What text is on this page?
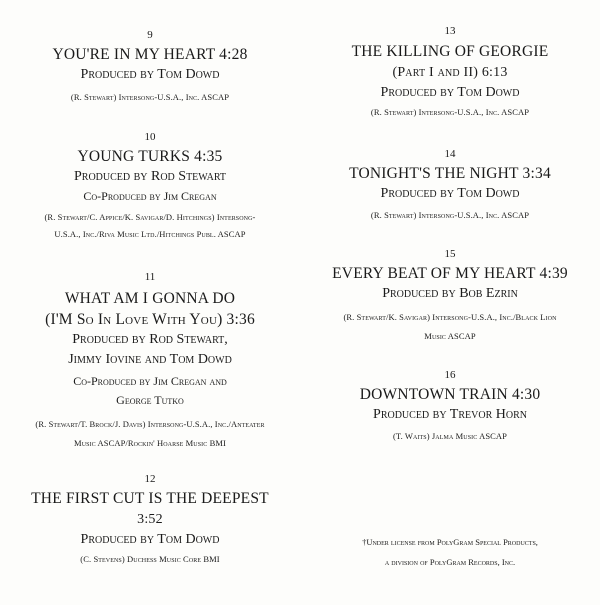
9
YOU'RE IN MY HEART 4:28
Produced by Tom Dowd
(R. Stewart) Intersong-U.S.A., Inc. ASCAP
10
YOUNG TURKS 4:35
Produced by Rod Stewart
Co-Produced by Jim Cregan
(R. Stewart/C. Appice/K. Savigar/D. Hitchings) Intersong-
U.S.A., Inc./Riva Music Ltd./Hitchings Publ. ASCAP
11
WHAT AM I GONNA DO
(I'M So In Love With You) 3:36
Produced by Rod Stewart,
Jimmy Iovine and Tom Dowd
Co-Produced by Jim Cregan and
George Tutko
(R. Stewart/T. Brock/J. Davis) Intersong-U.S.A., Inc./Anteater
Music ASCAP/Rockin' Hoarse Music BMI
12
THE FIRST CUT IS THE DEEPEST
3:52
Produced by Tom Dowd
(C. Stevens) Duchess Music Core BMI
13
THE KILLING OF GEORGIE
(Part I and II) 6:13
Produced by Tom Dowd
(R. Stewart) Intersong-U.S.A., Inc. ASCAP
14
TONIGHT'S THE NIGHT 3:34
Produced by Tom Dowd
(R. Stewart) Intersong-U.S.A., Inc. ASCAP
15
EVERY BEAT OF MY HEART 4:39
Produced by Bob Ezrin
(R. Stewart/K. Savigar) Intersong-U.S.A., Inc./Black Lion
Music ASCAP
16
DOWNTOWN TRAIN 4:30
Produced by Trevor Horn
(T. Waits) Jalma Music ASCAP
†Under license from PolyGram Special Products,
a division of PolyGram Records, Inc.
